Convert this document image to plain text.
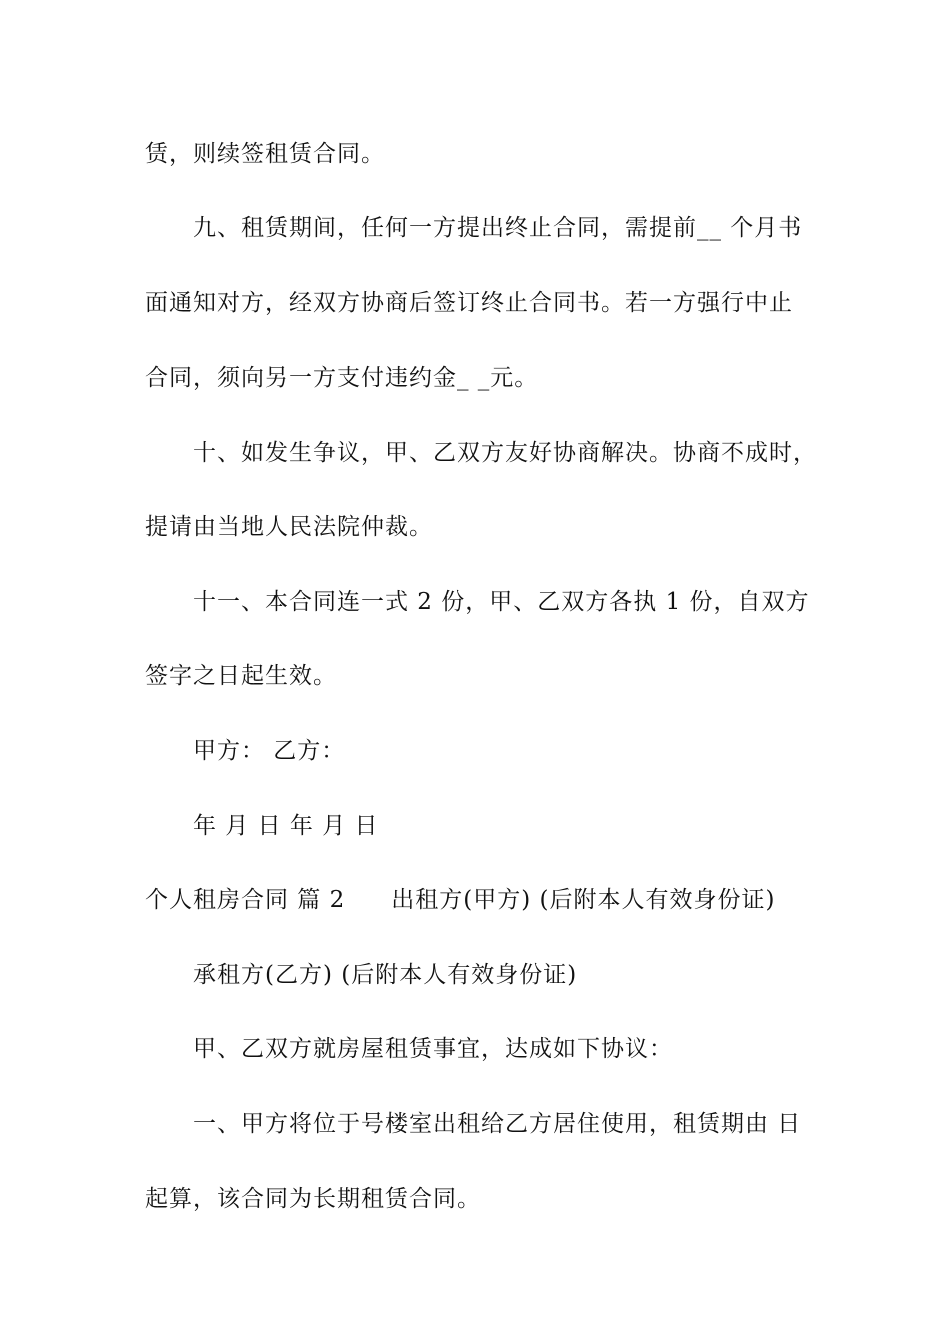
赁，则续签租赁合同。
九、租赁期间，任何一方提出终止合同，需提前__ 个月书
面通知对方，经双方协商后签订终止合同书。若一方强行中止
合同，须向另一方支付违约金_ _元。
十、如发生争议，甲、乙双方友好协商解决。协商不成时，
提请由当地人民法院仲裁。
十一、本合同连一式 2 份，甲、乙双方各执 1 份，自双方
签字之日起生效。
甲方： 乙方：
年 月 日 年 月 日
个人租房合同 篇 2 出租方(甲方) (后附本人有效身份证)
承租方(乙方) (后附本人有效身份证)
甲、乙双方就房屋租赁事宜，达成如下协议：
一、甲方将位于号楼室出租给乙方居住使用，租赁期由 日
起算，该合同为长期租赁合同。
